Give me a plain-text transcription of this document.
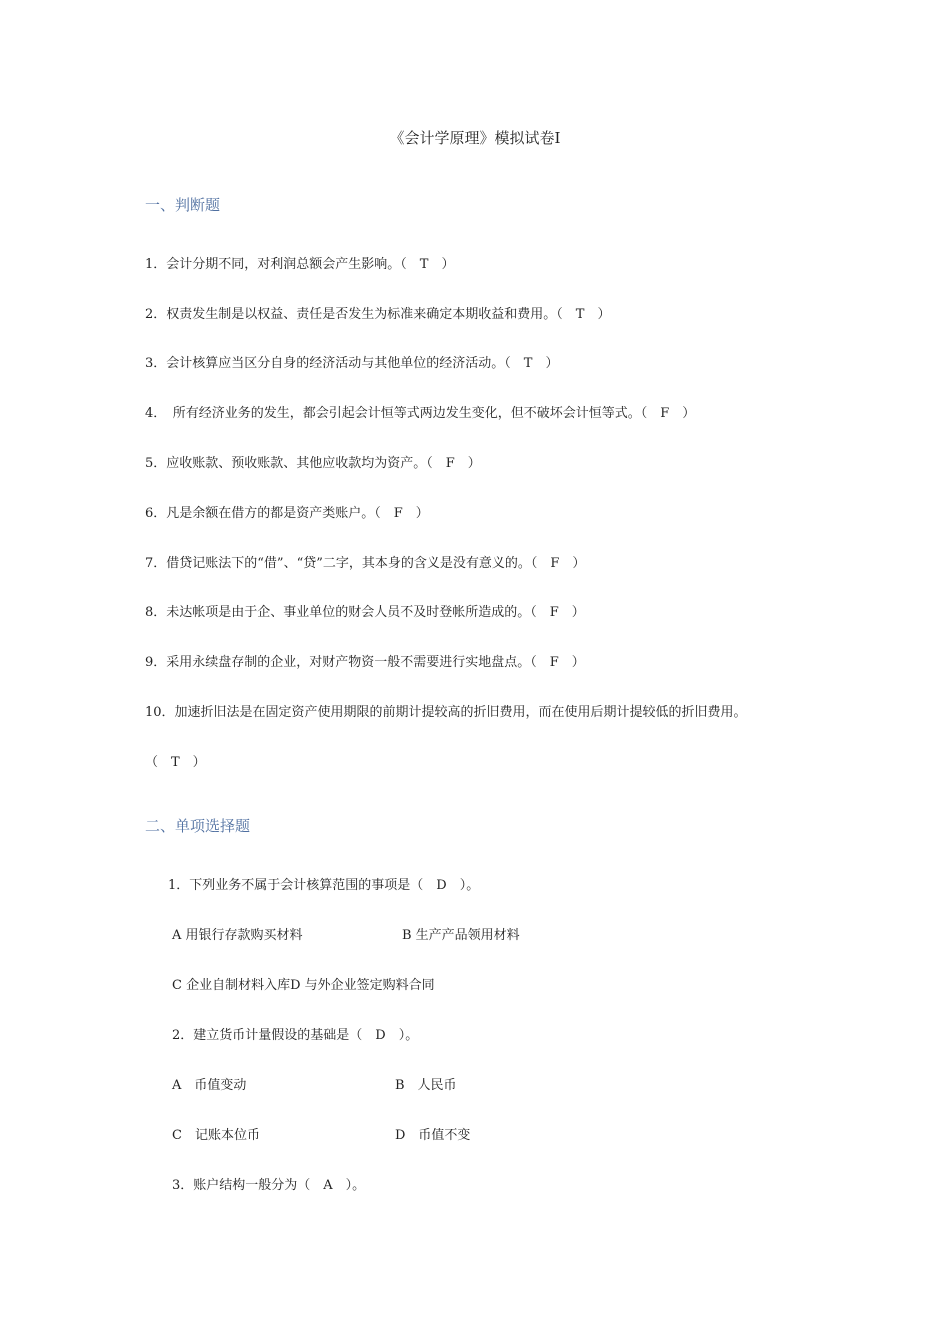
《会计学原理》模拟试卷Ⅰ
一、判断题
1．会计分期不同，对利润总额会产生影响。（　T　）
2．权责发生制是以权益、责任是否发生为标准来确定本期收益和费用。（　T　）
3．会计核算应当区分自身的经济活动与其他单位的经济活动。（　T　）
4．　所有经济业务的发生，都会引起会计恒等式两边发生变化，但不破坏会计恒等式。（　F　）
5．应收账款、预收账款、其他应收款均为资产。（　F　）
6．凡是余额在借方的都是资产类账户。（　F　）
7．借贷记账法下的“借”、“贷”二字，其本身的含义是没有意义的。（　F　）
8．未达帐项是由于企、事业单位的财会人员不及时登帐所造成的。（　F　）
9．采用永续盘存制的企业，对财产物资一般不需要进行实地盘点。（　F　）
10．加速折旧法是在固定资产使用期限的前期计提较高的折旧费用，而在使用后期计提较低的折旧费用。
（　T　）
二、单项选择题
1．下列业务不属于会计核算范围的事项是（　D　）。
A 用银行存款购买材料	B 生产产品领用材料
C 企业自制材料入库D 与外企业签定购料合同
2．建立货币计量假设的基础是（　D　）。
A　币值变动	B　人民币
C　记账本位币	D　币值不变
3．账户结构一般分为（　A　）。
